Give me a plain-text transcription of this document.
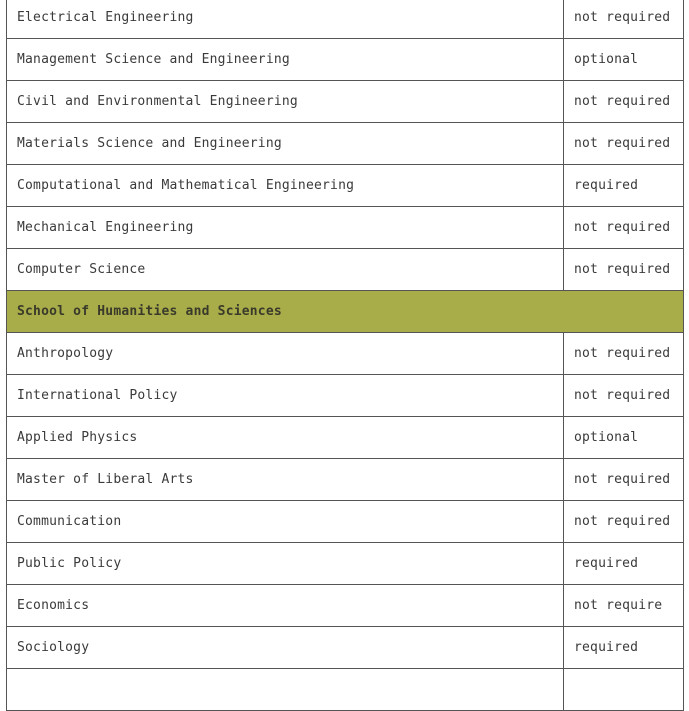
Electrical Engineering	not required
Management Science and Engineering	optional
Civil and Environmental Engineering	not required
Materials Science and Engineering	not required
Computational and Mathematical Engineering	required
Mechanical Engineering	not required
Computer Science	not required
School of Humanities and Sciences	
Anthropology	not required
International Policy	not required
Applied Physics	optional
Master of Liberal Arts	not required
Communication	not required
Public Policy	required
Economics	not require
Sociology	required
